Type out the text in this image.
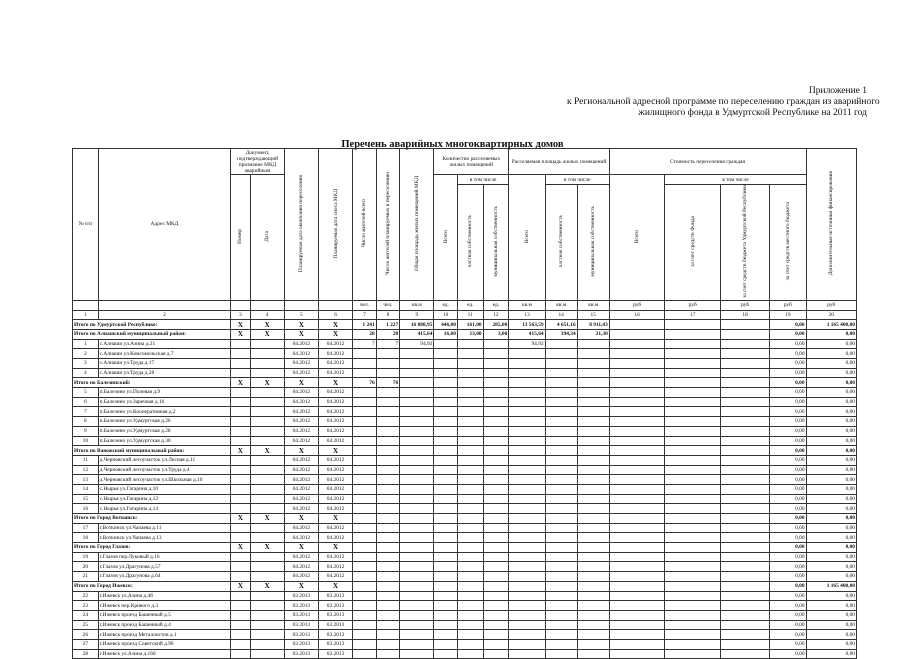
Приложение 1
к Региональной адресной программе по переселению граждан из аварийного
жилищного фонда в Удмуртской Республике на 2011 год
Перечень аварийных многоквартирных домов
№ п/п	Адрес МКД	Документ, подтверждающий признание МКД аварийным		Планируемая дата окончания переселения	Планируемая дата сноса МКД	Число жителей всего	Число жителей планируемых к переселению	Общая площадь жилых помещений МКД	Количество расселяемых жилых помещений			Расселяемая площадь жилых помещений			Стоимость переселения граждан				Дополнительные источники финансирования
		Номер	Дата						Всего	в том числе		Всего	в том числе		Всего	в том числе			
										частная собственность	муниципальная собственность		частная собственность	муниципальная собственность		за счет средств Фонда	за счет средств бюджета Удмуртской Республики	за счет средств местного бюджета	
						чел.	чел.	кв.м	ед.	ед.	ед.	кв.м	кв.м	кв.м	руб	руб	руб	руб	руб
1	2	3	4	5	6	7	8	9	10	11	12	13	14	15	16	17	18	19	20
Итого по Удмуртской Республике:		X	X	X	X	1 241	1 227	16 888,95	446,00	161,00	285,00	13 563,59	4 651,16	8 911,43				0,00	1 165 400,00
Итого по Алнашский муниципальный район:		X	X	X	X	28	28	415,64	16,00	13,00	3,00	415,64	394,34	21,30				0,00	0,00
1	с.Алнаши ул.Азина д.21			04.2012	04.2012	7	7	94,92				94,92						0,00	0,00
2	с.Алнаши ул.Комсомольская д.7			04.2012	04.2012													0,00	0,00
3	с.Алнаши ул.Труда д.17			04.2012	04.2012													0,00	0,00
4	с.Алнаши ул.Труда д.28			04.2012	04.2012													0,00	0,00
Итого по Балезинский:		X	X	X	X	76	76											0,00	0,00
5	п.Балезино ул.Полевая д.9			04.2012	04.2012													0,00	0,00
6	п.Балезино ул.Заречная д.16			04.2012	04.2012													0,00	0,00
7	п.Балезино ул.Кооперативная д.2			04.2012	04.2012													0,00	0,00
8	п.Балезино ул.Удмуртская д.26			04.2012	04.2012													0,00	0,00
9	п.Балезино ул.Удмуртская д.28			04.2012	04.2012													0,00	0,00
10	п.Балезино ул.Удмуртская д.30			04.2012	04.2012													0,00	0,00
Итого по Вавожский муниципальный район:		X	X	X	X													0,00	0,00
11	д.Черновский лесоучасток ул.Лесная д.11			04.2012	04.2012													0,00	0,00
12	д.Черновский лесоучасток ул.Труда д.4			04.2012	04.2012													0,00	0,00
13	д.Черновский лесоучасток ул.Школьная д.10			04.2012	04.2012													0,00	0,00
14	с.Нырья ул.Гагарина д.10			04.2012	04.2012													0,00	0,00
15	с.Нырья ул.Гагарина д.12			04.2012	04.2012													0,00	0,00
16	с.Нырья ул.Гагарина д.14			04.2012	04.2012													0,00	0,00
Итого по Город Воткинск:		X	X	X	X													0,00	0,00
17	г.Воткинск ул.Чапаева д.11			04.2012	04.2012													0,00	0,00
18	г.Воткинск ул.Чапаева д.13			04.2012	04.2012													0,00	0,00
Итого по Город Глазов:		X	X	X	X													0,00	0,00
19	г.Глазов пер.Луковый д.16			04.2012	04.2012													0,00	0,00
20	г.Глазов ул.Драгунова д.57			04.2012	04.2012													0,00	0,00
21	г.Глазов ул.Драгунова д.64			04.2012	04.2012													0,00	0,00
Итого по Город Ижевск:		X	X	X	X													0,00	1 165 400,00
22	г.Ижевск ул.Азина д.4б			03.2013	03.2013													0,00	0,00
23	г.Ижевск пер.Кривого д.3			03.2013	03.2013													0,00	0,00
24	г.Ижевск проезд Башенный д.5			03.2013	03.2013													0,00	0,00
25	г.Ижевск проезд Башенный д.4			03.2013	03.2013													0,00	0,00
26	г.Ижевск проезд Металлистов д.1			03.2013	03.2013													0,00	0,00
27	г.Ижевск проезд Советский д.96			03.2013	03.2013													0,00	0,00
28	г.Ижевск ул.Азина д.160			03.2013	03.2013													0,00	0,00
